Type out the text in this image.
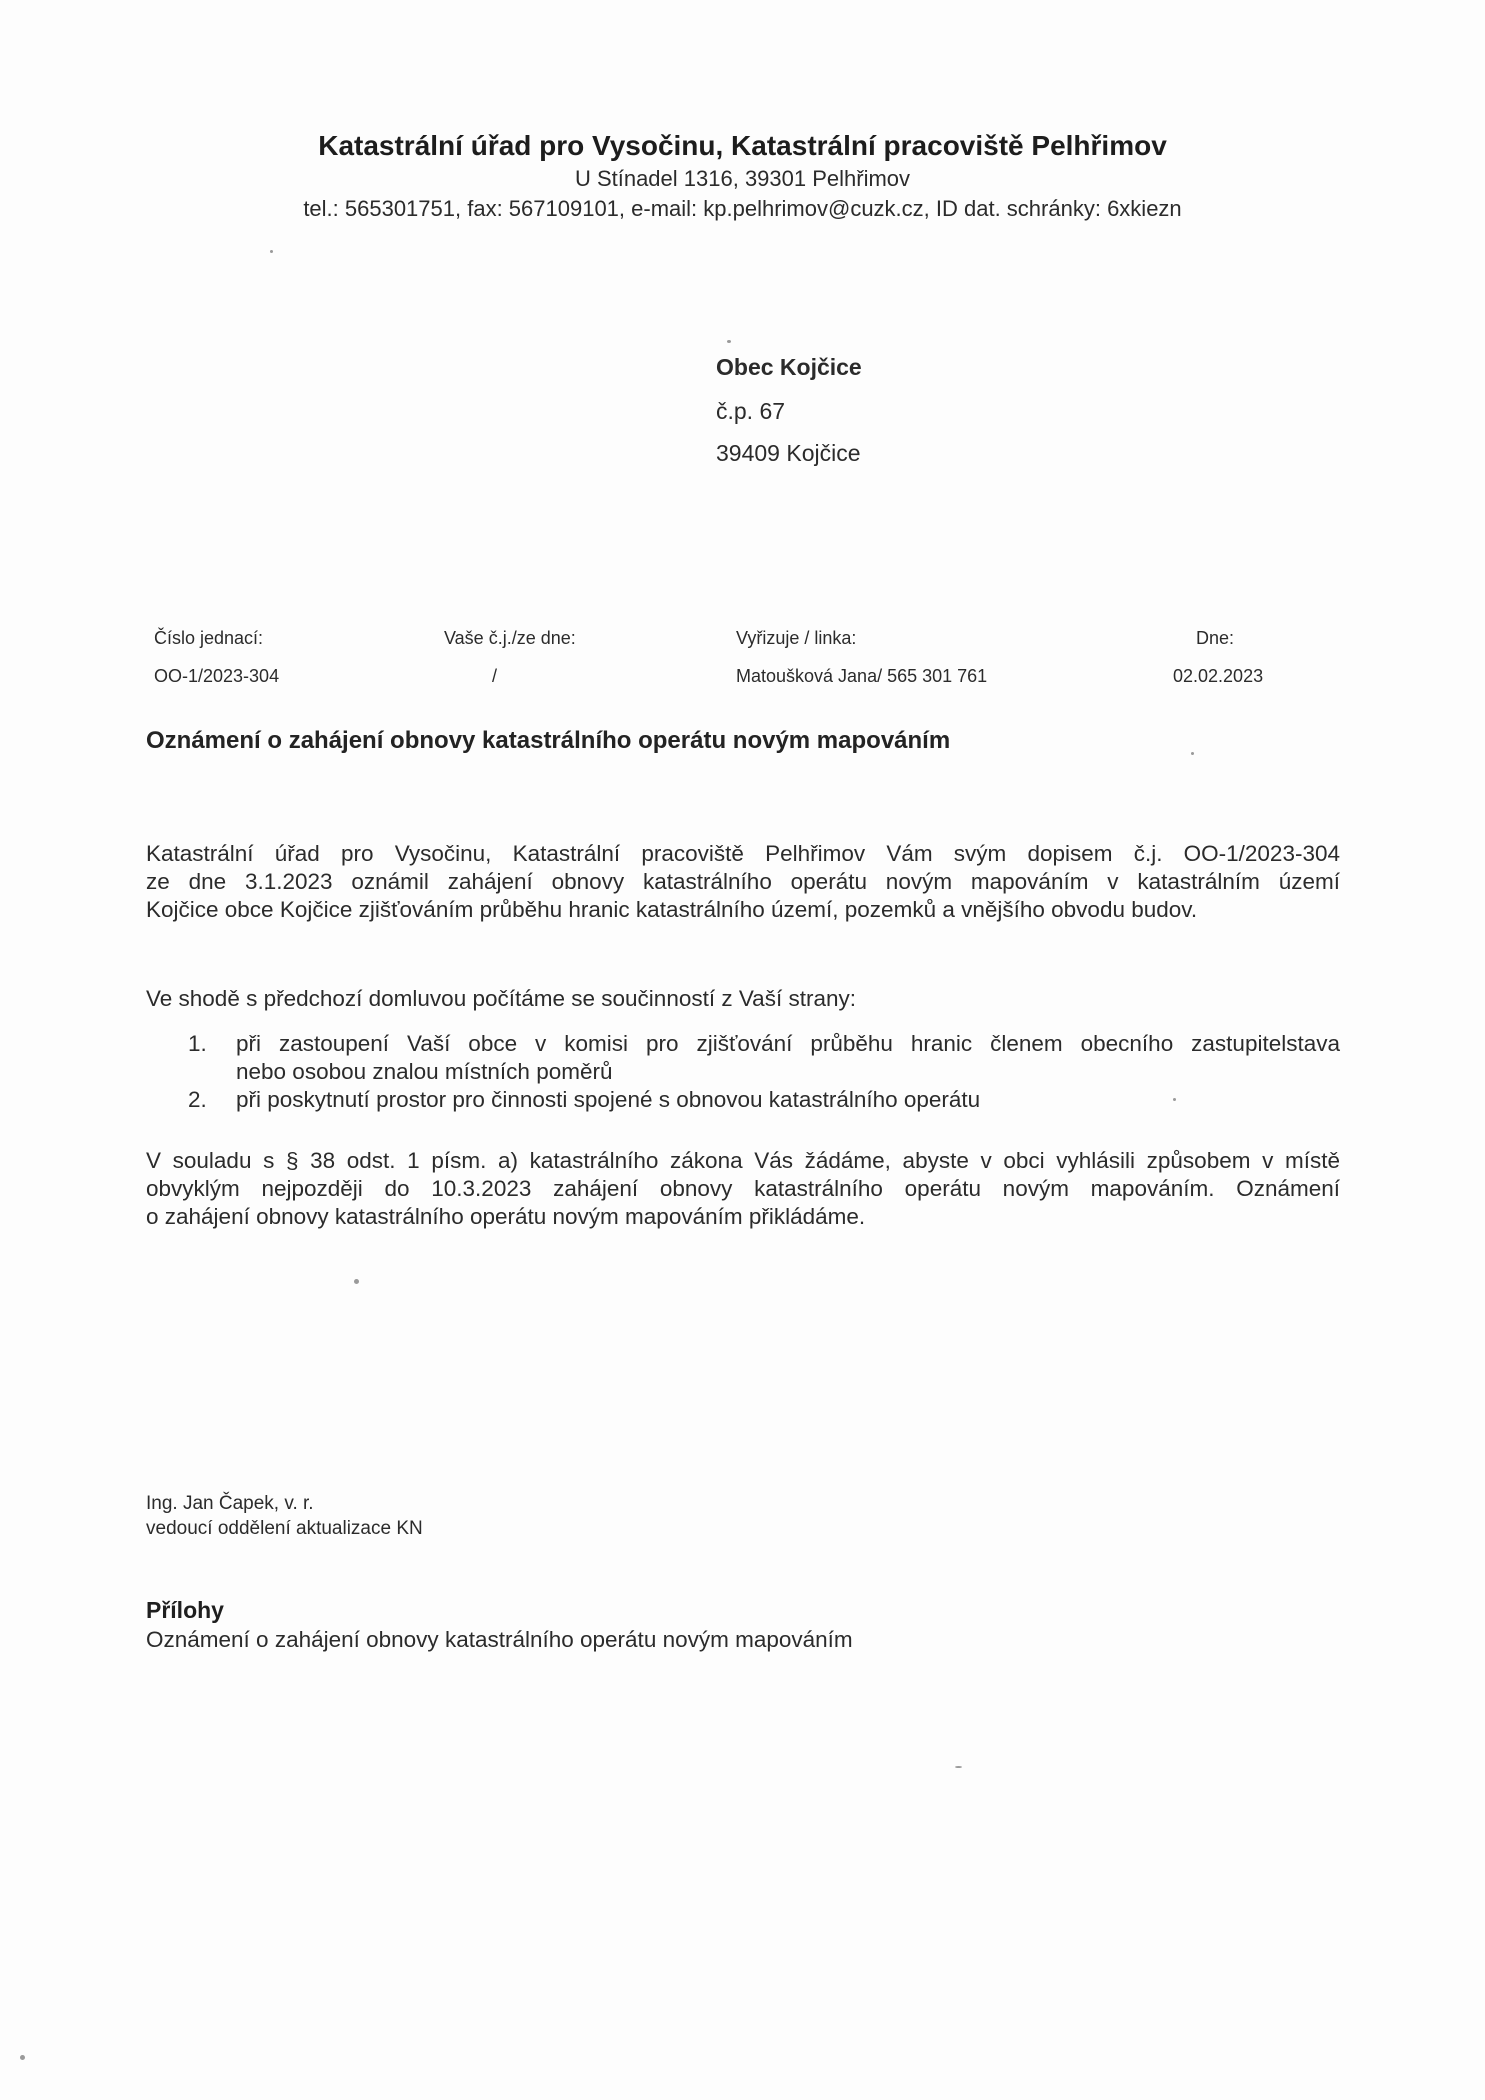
Katastrální úřad pro Vysočinu, Katastrální pracoviště Pelhřimov
U Stínadel 1316, 39301 Pelhřimov
tel.: 565301751, fax: 567109101, e-mail: kp.pelhrimov@cuzk.cz, ID dat. schránky: 6xkiezn
Obec Kojčice
č.p. 67
39409 Kojčice
Číslo jednací:	Vaše č.j./ze dne:	Vyřizuje / linka:	Dne:
OO-1/2023-304	/	Matoušková Jana/ 565 301 761	02.02.2023
Oznámení o zahájení obnovy katastrálního operátu novým mapováním
Katastrální úřad pro Vysočinu, Katastrální pracoviště Pelhřimov Vám svým dopisem č.j. OO-1/2023-304
ze dne 3.1.2023 oznámil zahájení obnovy katastrálního operátu novým mapováním v katastrálním území
Kojčice obce Kojčice zjišťováním průběhu hranic katastrálního území, pozemků a vnějšího obvodu budov.
Ve shodě s předchozí domluvou počítáme se součinností z Vaší strany:
1. při zastoupení Vaší obce v komisi pro zjišťování průběhu hranic členem obecního zastupitelstava
nebo osobou znalou místních poměrů
2. při poskytnutí prostor pro činnosti spojené s obnovou katastrálního operátu
V souladu s § 38 odst. 1 písm. a) katastrálního zákona Vás žádáme, abyste v obci vyhlásili způsobem v místě
obvyklým nejpozději do 10.3.2023 zahájení obnovy katastrálního operátu novým mapováním. Oznámení
o zahájení obnovy katastrálního operátu novým mapováním přikládáme.
Ing. Jan Čapek, v. r.
vedoucí oddělení aktualizace KN
Přílohy
Oznámení o zahájení obnovy katastrálního operátu novým mapováním
